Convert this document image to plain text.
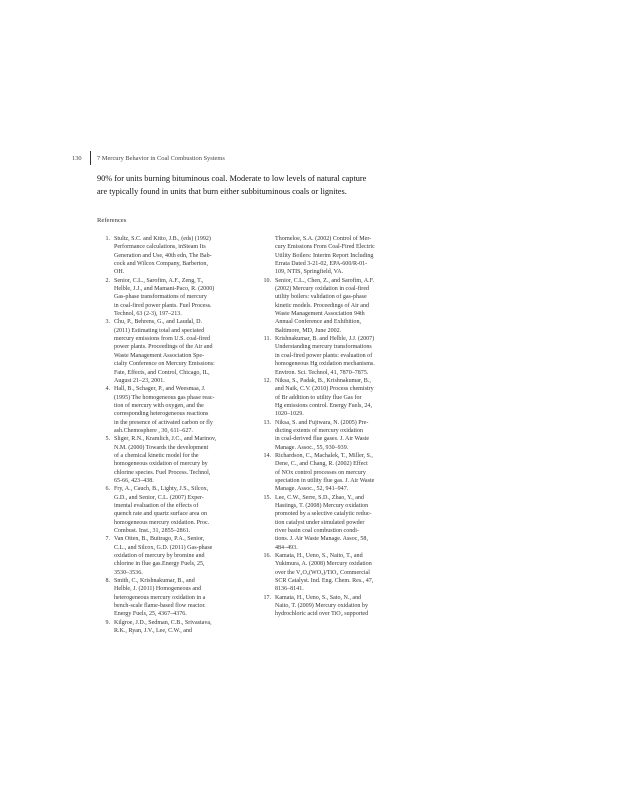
130	7 Mercury Behavior in Coal Combustion Systems
90% for units burning bituminous coal. Moderate to low levels of natural capture
are typically found in units that burn either subbituminous coals or lignites.
References
1. Stultz, S.C. and Kitto, J.B., (eds) (1992)
Performance calculations, inSteam Its
Generation and Use, 40th edn, The Bab-
cock and Wilcox Company, Barberton,
OH.
2. Senior, C.L., Sarofim, A.F., Zeng, T.,
Helble, J.J., and Mamani-Paco, R. (2000)
Gas-phase transformations of mercury
in coal-fired power plants. Fuel Process.
Technol, 63 (2-3), 197–213.
3. Chu, P., Behrens, G., and Laudal, D.
(2011) Estimating total and speciated
mercury emissions from U.S. coal-fired
power plants. Proceedings of the Air and
Waste Management Association Spe-
cialty Conference on Mercury Emissions:
Fate, Effects, and Control, Chicago, IL,
August 21–23, 2001.
4. Hall, B., Schager, P., and Weesmaa, J.
(1995) The homogeneous gas phase reac-
tion of mercury with oxygen, and the
corresponding heterogeneous reactions
in the presence of activated carbon or fly
ash.Chemosphere , 30, 611–627.
5. Sliger, R.N., Kramlich, J.C., and Marinov,
N.M. (2000) Towards the development
of a chemical kinetic model for the
homogeneous oxidation of mercury by
chlorine species. Fuel Process. Technol,
65-66, 423–438.
6. Fry, A., Cauch, B., Lighty, J.S., Silcox,
G.D., and Senior, C.L. (2007) Exper-
imental evaluation of the effects of
quench rate and quartz surface area on
homogeneous mercury oxidation. Proc.
Combust. Inst., 31, 2855–2861.
7. Van Otten, B., Buitrago, P.A., Senior,
C.L., and Silcox, G.D. (2011) Gas-phase
oxidation of mercury by bromine and
chlorine in flue gas.Energy Fuels, 25,
3530–3536.
8. Smith, C., Krishnakumar, B., and
Helble, J. (2011) Homogeneous and
heterogeneous mercury oxidation in a
bench-scale flame-based flow reactor.
Energy Fuels, 25, 4367–4376.
9. Kilgroe, J.D., Sedman, C.B., Srivastava,
R.K., Ryan, J.V., Lee, C.W., and
Thorneloe, S.A. (2002) Control of Mer-
cury Emissions From Coal-Fired Electric
Utility Boilers: Interim Report Including
Errata Dated 3-21-02, EPA-600/R-01-
109, NTIS, Springfield, VA.
10. Senior, C.L., Chen, Z., and Sarofim, A.F.
(2002) Mercury oxidation in coal-fired
utility boilers: validation of gas-phase
kinetic models. Proceedings of Air and
Waste Management Association 94th
Annual Conference and Exhibition,
Baltimore, MD, June 2002.
11. Krishnakumar, B. and Helble, J.J. (2007)
Understanding mercury transformations
in coal-fired power plants: evaluation of
homogeneous Hg oxidation mechanisms.
Environ. Sci. Technol, 41, 7870–7875.
12. Niksa, S., Padak, B., Krishnakumar, B.,
and Naik, C.V. (2010) Process chemistry
of Br addition to utility flue Gas for
Hg emissions control. Energy Fuels, 24,
1020–1029.
13. Niksa, S. and Fujiwara, N. (2005) Pre-
dicting extents of mercury oxidation
in coal-derived flue gases. J. Air Waste
Manage. Assoc., 55, 930–939.
14. Richardson, C., Machalek, T., Miller, S.,
Dene, C., and Chang, R. (2002) Effect
of NOx control processes on mercury
speciation in utility flue gas. J. Air Waste
Manage. Assoc., 52, 941–947.
15. Lee, C.W., Serre, S.D., Zhao, Y., and
Hastings, T. (2008) Mercury oxidation
promoted by a selective catalytic reduc-
tion catalyst under simulated powder
river basin coal combustion condi-
tions. J. Air Waste Manage. Assoc, 58,
484–493.
16. Kamata, H., Ueno, S., Naito, T., and
Yukimura, A. (2008) Mercury oxidation
over the V₂O₅(WO₃)/TiO₂ Commercial
SCR Catalyst. Ind. Eng. Chem. Res., 47,
8136–8141.
17. Kamata, H., Ueno, S., Sato, N., and
Naito, T. (2009) Mercury oxidation by
hydrochloric acid over TiO₂ supported
